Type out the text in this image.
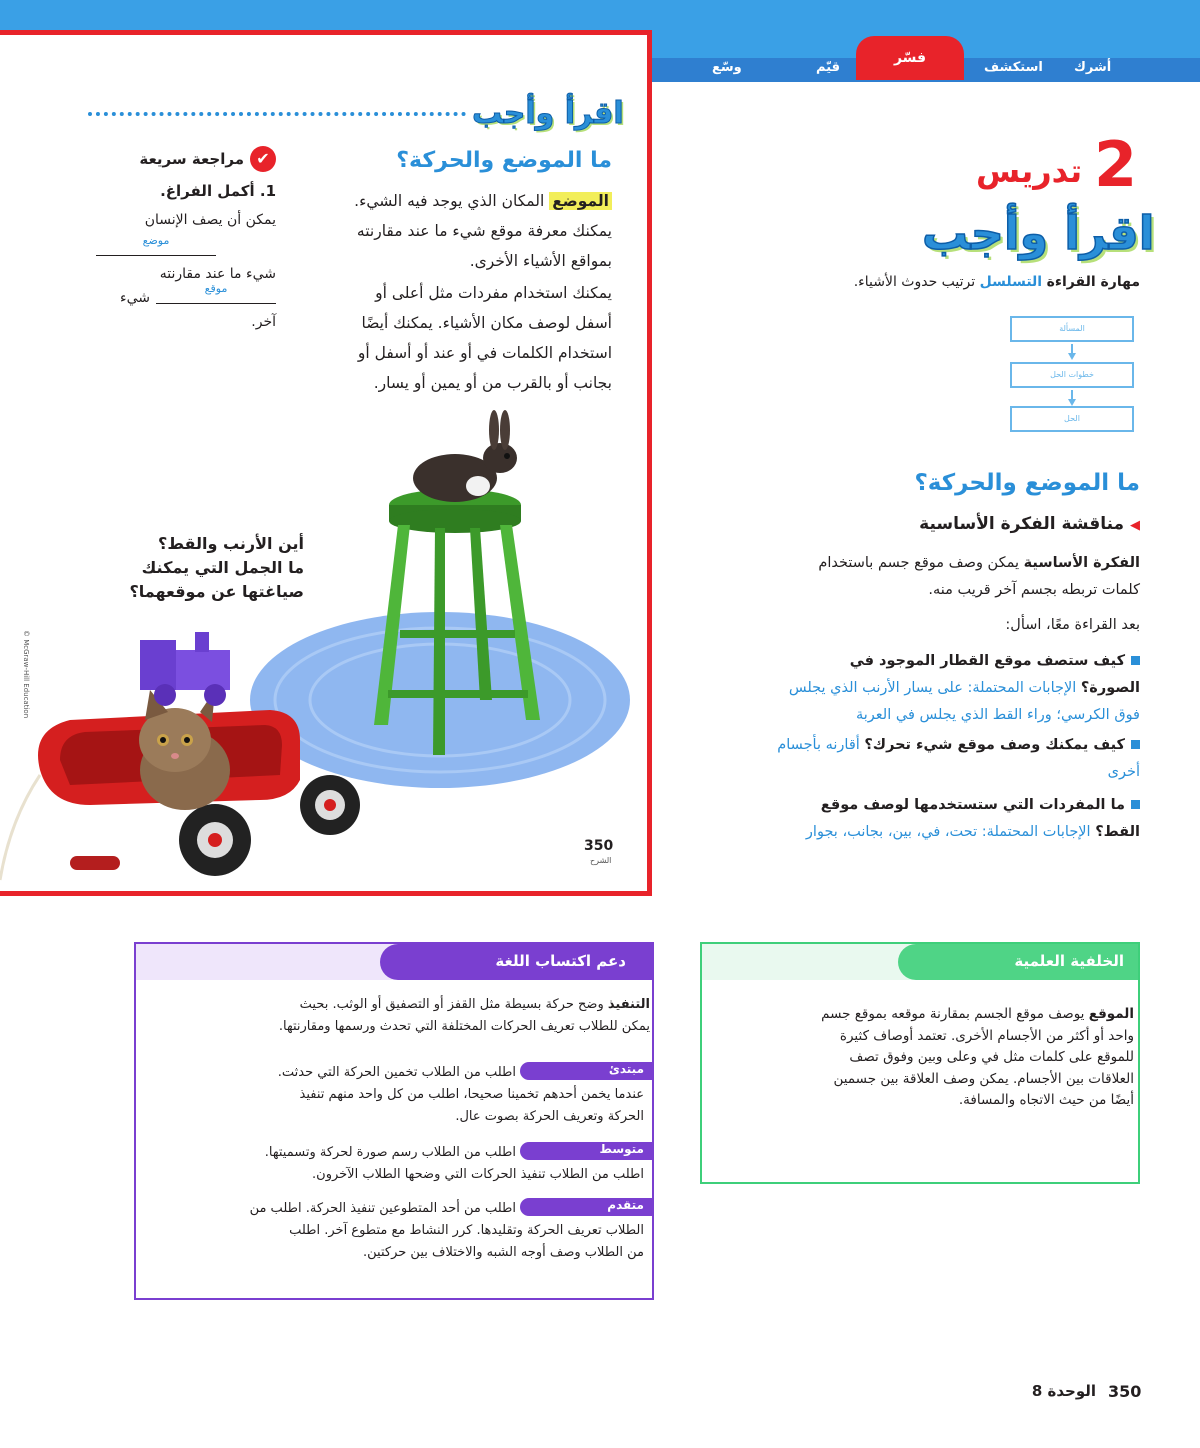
أشرك
استكشف
فسّر
قيّم
وسّع
اقرأ وأجب
ما الموضع والحركة؟
الموضع المكان الذي يوجد فيه الشيء.
يمكنك معرفة موقع شيء ما عند مقارنته
بمواقع الأشياء الأخرى.
يمكنك استخدام مفردات مثل أعلى أو
أسفل لوصف مكان الأشياء. يمكنك أيضًا
استخدام الكلمات في أو عند أو أسفل أو
بجانب أو بالقرب من أو يمين أو يسار.
✔
مراجعة سريعة
1. أكمل الفراغ.
يمكن أن يصف الإنسان
موضع
شيء ما عند مقارنته
موقع
شيء
آخر.
أين الأرنب والقط؟
ما الجمل التي يمكنك
صياغتها عن موقعهما؟
© McGraw-Hill Education
350
الشرح
2
تدريس
اقرأ وأجب
مهارة القراءة التسلسل ترتيب حدوث الأشياء.
المسألة
خطوات الحل
الحل
ما الموضع والحركة؟
◀ مناقشة الفكرة الأساسية
الفكرة الأساسية يمكن وصف موقع جسم باستخدام
كلمات تربطه بجسم آخر قريب منه.
بعد القراءة معًا، اسأل:
كيف ستصف موقع القطار الموجود في
الصورة؟ الإجابات المحتملة: على يسار الأرنب الذي يجلس
فوق الكرسي؛ وراء القط الذي يجلس في العربة
كيف يمكنك وصف موقع شيء تحرك؟ أقارنه بأجسام
أخرى
ما المفردات التي ستستخدمها لوصف موقع
القط؟ الإجابات المحتملة: تحت، في، بين، بجانب، بجوار
الخلفية العلمية
الموقع يوصف موقع الجسم بمقارنة موقعه بموقع جسم
واحد أو أكثر من الأجسام الأخرى. تعتمد أوصاف كثيرة
للموقع على كلمات مثل في وعلى وبين وفوق تصف
العلاقات بين الأجسام. يمكن وصف العلاقة بين جسمين
أيضًا من حيث الاتجاه والمسافة.
دعم اكتساب اللغة
التنفيذ وضح حركة بسيطة مثل القفز أو التصفيق أو الوثب. بحيث
يمكن للطلاب تعريف الحركات المختلفة التي تحدث ورسمها ومقارنتها.
مبتدئ
اطلب من الطلاب تخمين الحركة التي حدثت.
عندما يخمن أحدهم تخمينا صحيحا، اطلب من كل واحد منهم تنفيذ
الحركة وتعريف الحركة بصوت عال.
متوسط
اطلب من الطلاب رسم صورة لحركة وتسميتها.
اطلب من الطلاب تنفيذ الحركات التي وضحها الطلاب الآخرون.
متقدم
اطلب من أحد المتطوعين تنفيذ الحركة. اطلب من
الطلاب تعريف الحركة وتقليدها. كرر النشاط مع متطوع آخر. اطلب
من الطلاب وصف أوجه الشبه والاختلاف بين حركتين.
350
الوحدة 8
